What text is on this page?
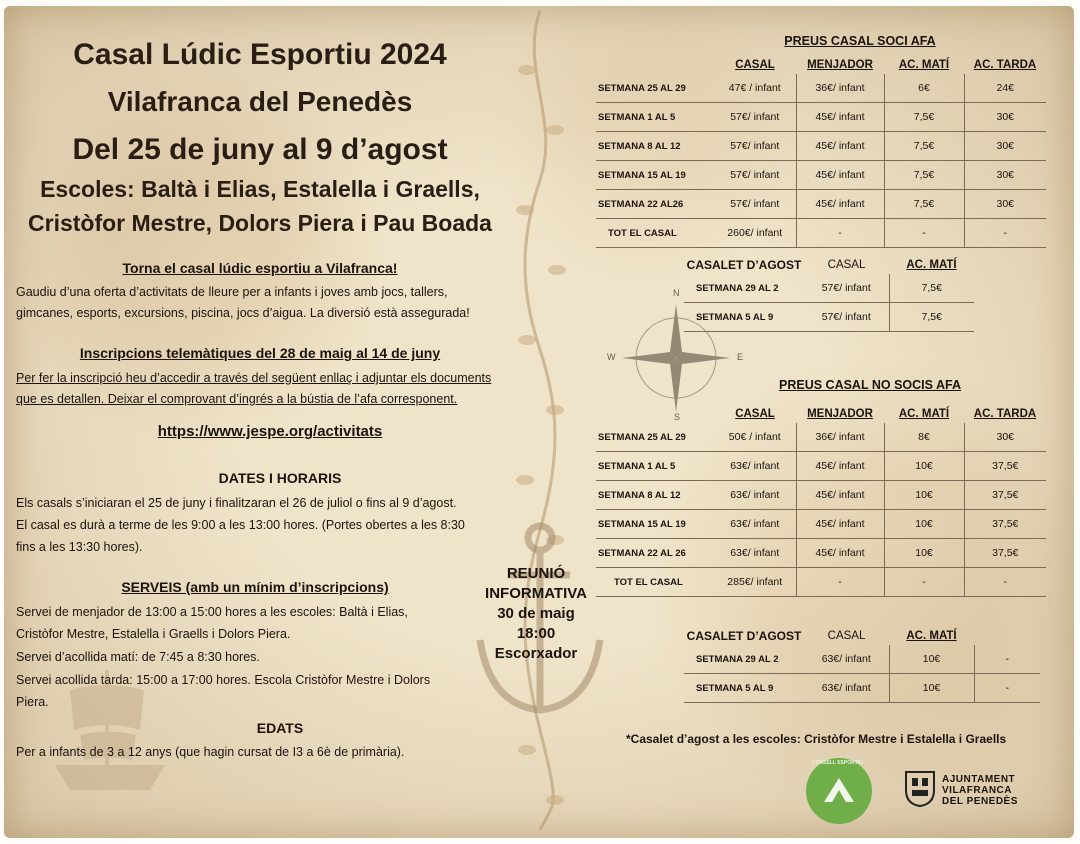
N
S
W	E
Casal Lúdic Esportiu 2024
Vilafranca del Penedès
Del 25 de juny al 9 d’agost
Escoles: Baltà i Elias, Estalella i Graells,
Cristòfor Mestre, Dolors Piera i Pau Boada
Torna el casal lúdic esportiu a Vilafranca!
Gaudiu d’una oferta d’activitats de lleure per a infants i joves amb jocs, tallers,
gimcanes, esports, excursions, piscina, jocs d’aigua. La diversió està assegurada!
Inscripcions telemàtiques del 28 de maig al 14 de juny
Per fer la inscripció heu d’accedir a través del següent enllaç i adjuntar els documents
que es detallen. Deixar el comprovant d’ingrés a la bústia de l’afa corresponent.
https://www.jespe.org/activitats
DATES I HORARIS
Els casals s’iniciaran el 25 de juny i finalitzaran el 26 de juliol o fins al 9 d’agost.
El casal es durà a terme de les 9:00 a les 13:00 hores. (Portes obertes a les 8:30
fins a les 13:30 hores).
SERVEIS (amb un mínim d’inscripcions)
Servei de menjador de 13:00 a 15:00 hores a les escoles: Baltà i Elias,
Cristòfor Mestre, Estalella i Graells i Dolors Piera.
Servei d’acollida matí: de 7:45 a 8:30 hores.
Servei acollida tarda: 15:00 a 17:00 hores. Escola Cristòfor Mestre i Dolors
Piera.
EDATS
Per a infants de 3 a 12 anys (que hagin cursat de I3 a 6è de primària).
REUNIÓ
INFORMATIVA
30 de maig
18:00
Escorxador
PREUS CASAL SOCI AFA
	CASAL	MENJADOR	AC. MATÍ	AC. TARDA
SETMANA 25 AL 29	47€ / infant	36€/ infant	6€	24€
SETMANA 1 AL 5	57€/ infant	45€/ infant	7,5€	30€
SETMANA 8 AL 12	57€/ infant	45€/ infant	7,5€	30€
SETMANA 15 AL 19	57€/ infant	45€/ infant	7,5€	30€
SETMANA 22 AL26	57€/ infant	45€/ infant	7,5€	30€
TOT EL CASAL	260€/ infant	-	-	-
CASALET D’AGOST	CASAL	AC. MATÍ
SETMANA 29 AL 2	57€/ infant	7,5€
SETMANA 5 AL 9	57€/ infant	7,5€
PREUS CASAL NO SOCIS AFA
	CASAL	MENJADOR	AC. MATÍ	AC. TARDA
SETMANA 25 AL 29	50€ / infant	36€/ infant	8€	30€
SETMANA 1 AL 5	63€/ infant	45€/ infant	10€	37,5€
SETMANA 8 AL 12	63€/ infant	45€/ infant	10€	37,5€
SETMANA 15 AL 19	63€/ infant	45€/ infant	10€	37,5€
SETMANA 22 AL 26	63€/ infant	45€/ infant	10€	37,5€
TOT EL CASAL	285€/ infant	-	-	-
CASALET D’AGOST	CASAL	AC. MATÍ	
SETMANA 29 AL 2	63€/ infant	10€	-
SETMANA 5 AL 9	63€/ infant	10€	-
*Casalet d’agost a les escoles: Cristòfor Mestre i Estalella i Graells
CONSELL ESPORTIU
AJUNTAMENT
VILAFRANCA
DEL PENEDÈS
